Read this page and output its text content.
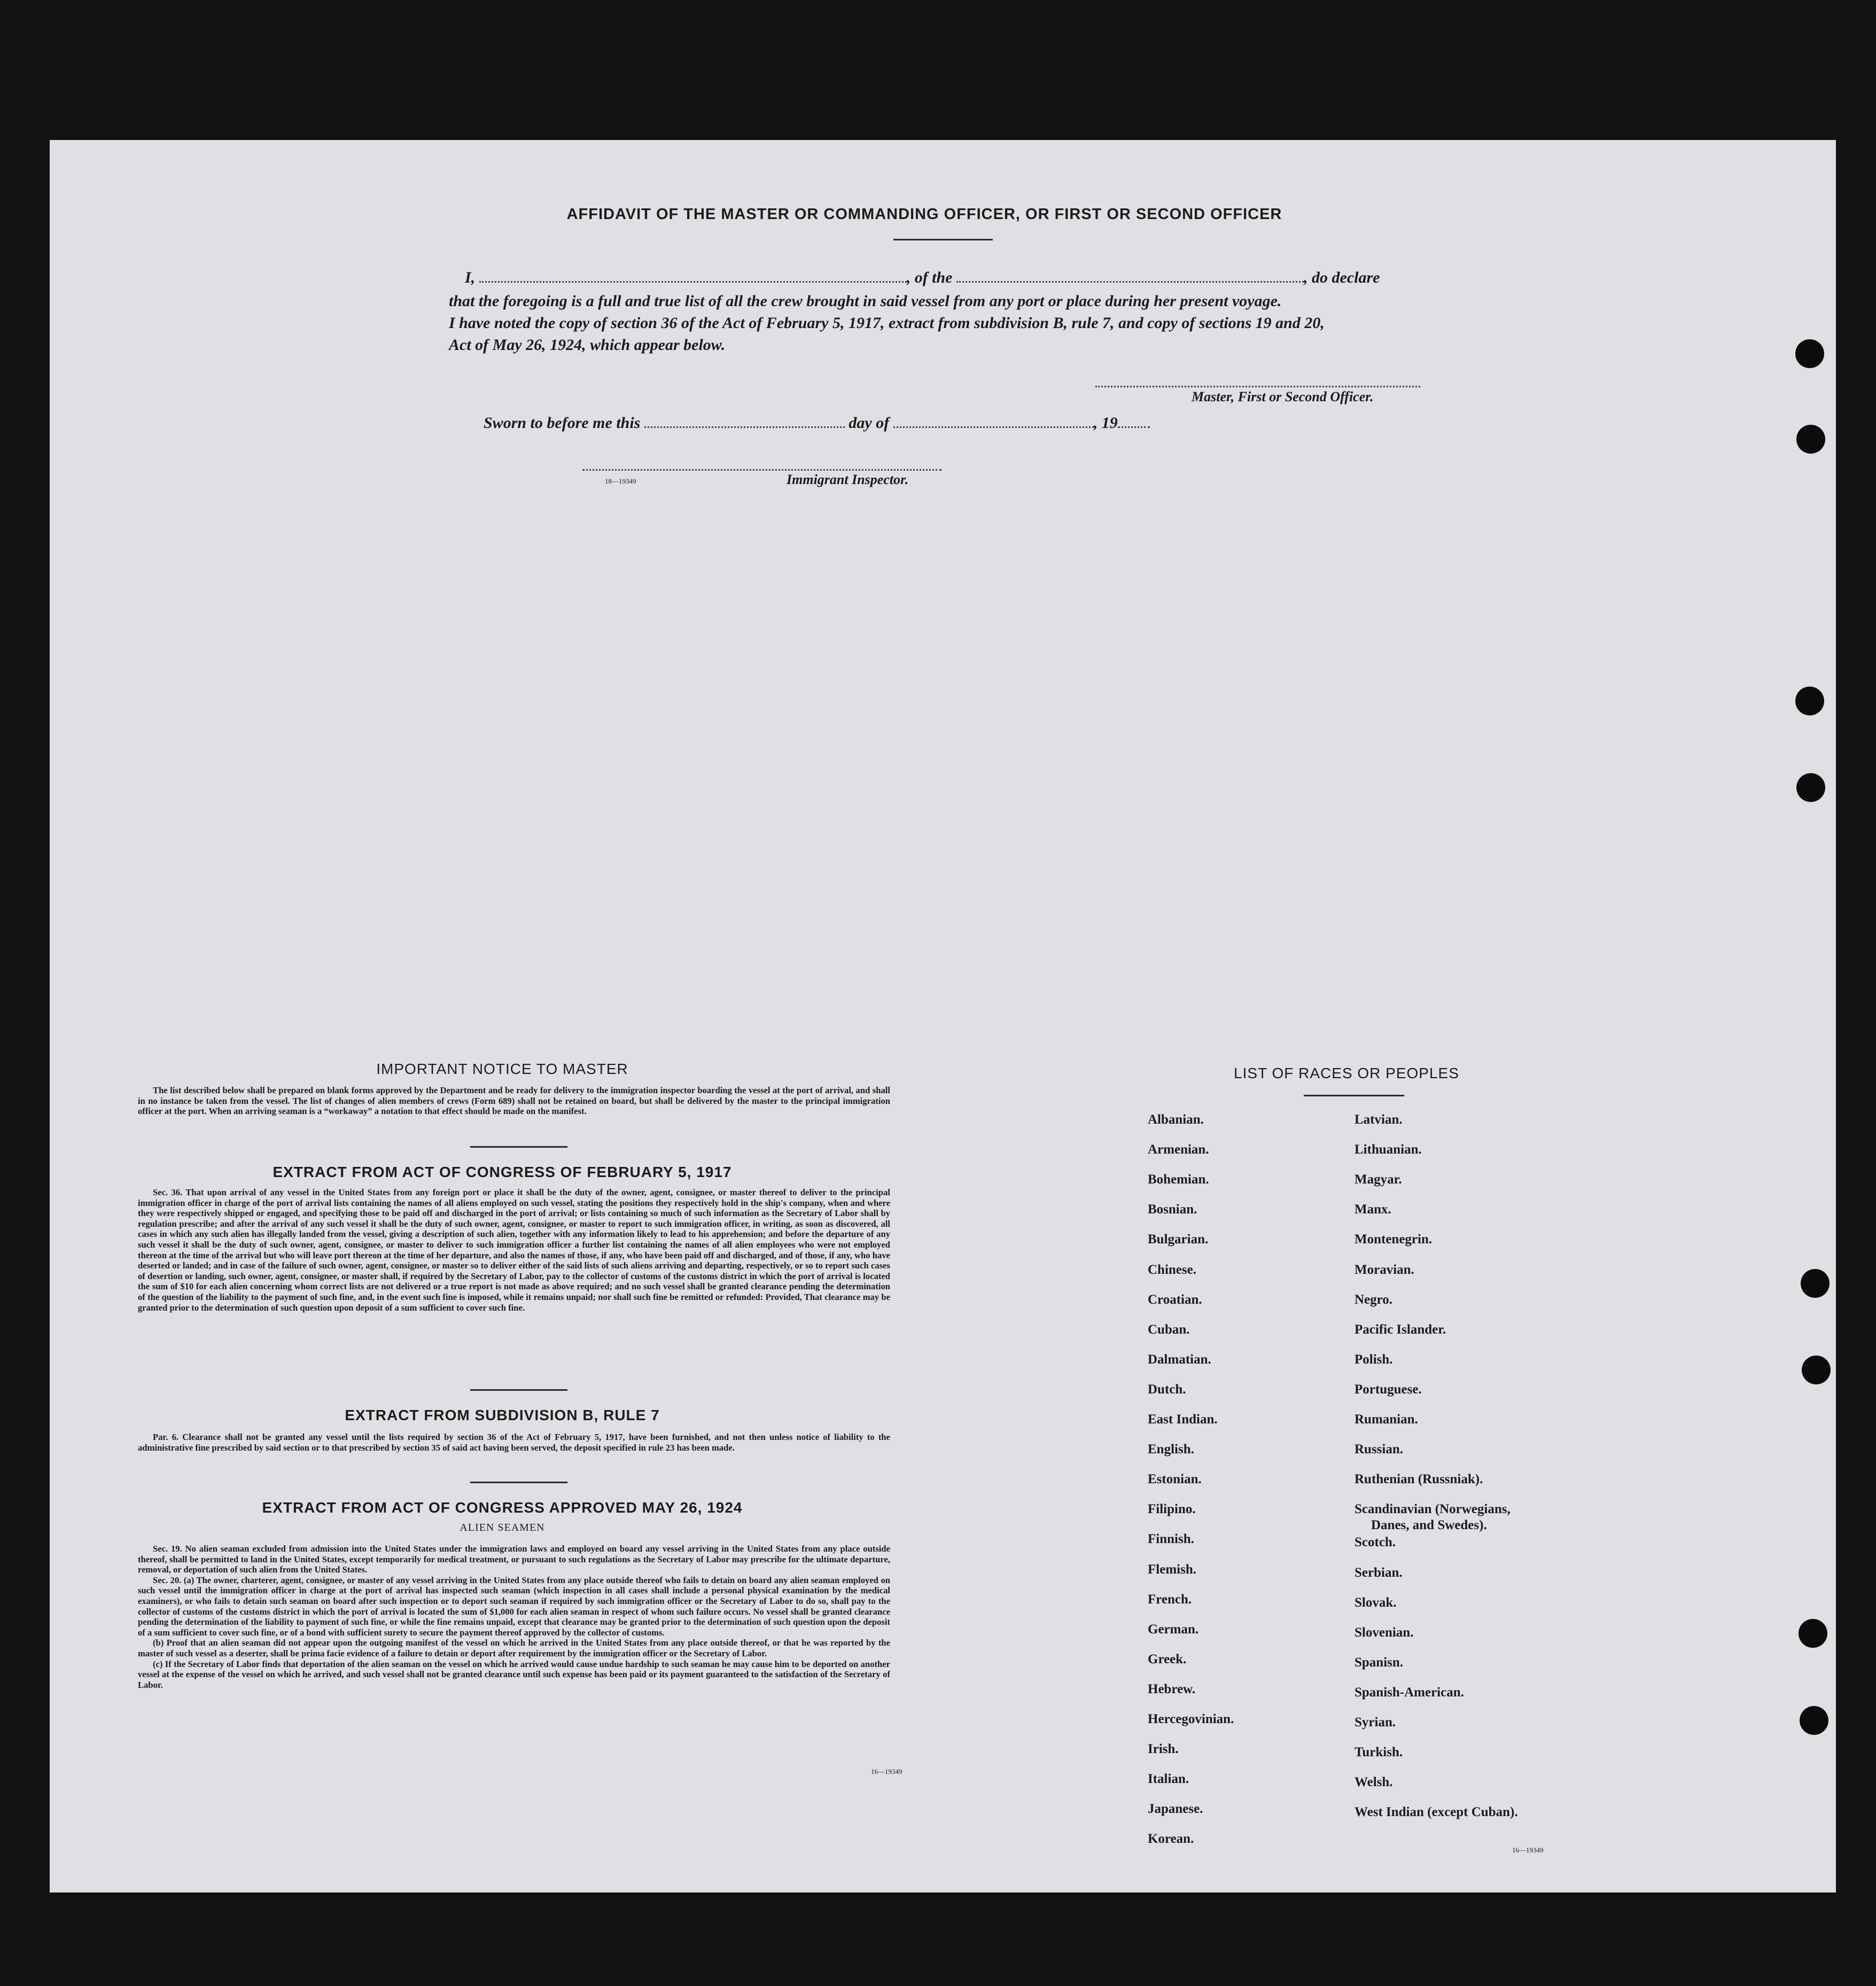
AFFIDAVIT OF THE MASTER OR COMMANDING OFFICER, OR FIRST OR SECOND OFFICER
I,	, of the	, do declare
that the foregoing is a full and true list of all the crew brought in said vessel from any port or place during her present voyage.
I have noted the copy of section 36 of the Act of February 5, 1917, extract from subdivision B, rule 7, and copy of sections 19 and 20,
Act of May 26, 1924, which appear below.
Master, First or Second Officer.
Sworn to before me this	day of	, 19
18—19349	Immigrant Inspector.
IMPORTANT NOTICE TO MASTER

The list described below shall be prepared on blank forms approved by the Department and be ready for delivery to the immigration inspector boarding the vessel at the port of arrival, and shall in no instance be taken from the vessel. The list of changes of alien members of crews (Form 689) shall not be retained on board, but shall be delivered by the master to the principal immigration officer at the port. When an arriving seaman is a “workaway” a notation to that effect should be made on the manifest.

EXTRACT FROM ACT OF CONGRESS OF FEBRUARY 5, 1917

Sec. 36. That upon arrival of any vessel in the United States from any foreign port or place it shall be the duty of the owner, agent, consignee, or master thereof to deliver to the principal immigration officer in charge of the port of arrival lists containing the names of all aliens employed on such vessel, stating the positions they respectively hold in the ship's company, when and where they were respectively shipped or engaged, and specifying those to be paid off and discharged in the port of arrival; or lists containing so much of such information as the Secretary of Labor shall by regulation prescribe; and after the arrival of any such vessel it shall be the duty of such owner, agent, consignee, or master to report to such immigration officer, in writing, as soon as discovered, all cases in which any such alien has illegally landed from the vessel, giving a description of such alien, together with any information likely to lead to his apprehension; and before the departure of any such vessel it shall be the duty of such owner, agent, consignee, or master to deliver to such immigration officer a further list containing the names of all alien employees who were not employed thereon at the time of the arrival but who will leave port thereon at the time of her departure, and also the names of those, if any, who have been paid off and discharged, and of those, if any, who have deserted or landed; and in case of the failure of such owner, agent, consignee, or master so to deliver either of the said lists of such aliens arriving and departing, respectively, or so to report such cases of desertion or landing, such owner, agent, consignee, or master shall, if required by the Secretary of Labor, pay to the collector of customs of the customs district in which the port of arrival is located the sum of $10 for each alien concerning whom correct lists are not delivered or a true report is not made as above required; and no such vessel shall be granted clearance pending the determination of the question of the liability to the payment of such fine, and, in the event such fine is imposed, while it remains unpaid; nor shall such fine be remitted or refunded: Provided, That clearance may be granted prior to the determination of such question upon deposit of a sum sufficient to cover such fine.

EXTRACT FROM SUBDIVISION B, RULE 7

Par. 6. Clearance shall not be granted any vessel until the lists required by section 36 of the Act of February 5, 1917, have been furnished, and not then unless notice of liability to the administrative fine prescribed by said section or to that prescribed by section 35 of said act having been served, the deposit specified in rule 23 has been made.

EXTRACT FROM ACT OF CONGRESS APPROVED MAY 26, 1924
ALIEN SEAMEN

Sec. 19. No alien seaman excluded from admission into the United States under the immigration laws and employed on board any vessel arriving in the United States from any place outside thereof, shall be permitted to land in the United States, except temporarily for medical treatment, or pursuant to such regulations as the Secretary of Labor may prescribe for the ultimate departure, removal, or deportation of such alien from the United States.

Sec. 20. (a) The owner, charterer, agent, consignee, or master of any vessel arriving in the United States from any place outside thereof who fails to detain on board any alien seaman employed on such vessel until the immigration officer in charge at the port of arrival has inspected such seaman (which inspection in all cases shall include a personal physical examination by the medical examiners), or who fails to detain such seaman on board after such inspection or to deport such seaman if required by such immigration officer or the Secretary of Labor to do so, shall pay to the collector of customs of the customs district in which the port of arrival is located the sum of $1,000 for each alien seaman in respect of whom such failure occurs. No vessel shall be granted clearance pending the determination of the liability to payment of such fine, or while the fine remains unpaid, except that clearance may be granted prior to the determination of such question upon the deposit of a sum sufficient to cover such fine, or of a bond with sufficient surety to secure the payment thereof approved by the collector of customs.

(b) Proof that an alien seaman did not appear upon the outgoing manifest of the vessel on which he arrived in the United States from any place outside thereof, or that he was reported by the master of such vessel as a deserter, shall be prima facie evidence of a failure to detain or deport after requirement by the immigration officer or the Secretary of Labor.

(c) If the Secretary of Labor finds that deportation of the alien seaman on the vessel on which he arrived would cause undue hardship to such seaman he may cause him to be deported on another vessel at the expense of the vessel on which he arrived, and such vessel shall not be granted clearance until such expense has been paid or its payment guaranteed to the satisfaction of the Secretary of Labor.

16—19349
LIST OF RACES OR PEOPLES
Albanian.
Armenian.
Bohemian.
Bosnian.
Bulgarian.
Chinese.
Croatian.
Cuban.
Dalmatian.
Dutch.
East Indian.
English.
Estonian.
Filipino.
Finnish.
Flemish.
French.
German.
Greek.
Hebrew.
Hercegovinian.
Irish.
Italian.
Japanese.
Korean.
Latvian.
Lithuanian.
Magyar.
Manx.
Montenegrin.
Moravian.
Negro.
Pacific Islander.
Polish.
Portuguese.
Rumanian.
Russian.
Ruthenian (Russniak).
Scandinavian (Norwegians,
Danes, and Swedes).
Scotch.
Serbian.
Slovak.
Slovenian.
Spanisn.
Spanish-American.
Syrian.
Turkish.
Welsh.
West Indian (except Cuban).
16—19349
